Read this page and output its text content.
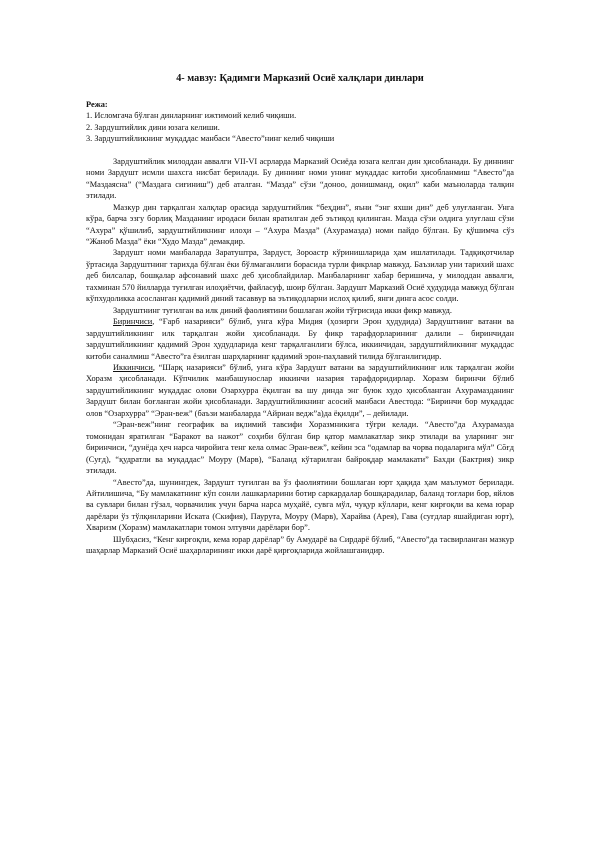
4- мавзу: Қадимги Марказий Осиё халқлари динлари
Режа:
1. Исломгача бўлган динларнинг ижтимоий келиб чиқиши.
2. Зардуштийлик дини юзага келиши.
3. Зардуштийликнинг муқаддас манбаси “Авесто”нинг келиб чиқиши

Зардуштийлик милоддан аввалги VII-VI асрларда Марказий Осиёда юзага келган дин ҳисобланади. Бу диннинг номи Зардушт исмли шахсга нисбат берилади. Бу диннинг номи унинг муқаддас китоби ҳисобланмиш “Авесто”да “Маздаясна” (“Маздага сиғиниш”) деб аталган. “Мазда” сўзи “доноо, донишманд, оқил” каби маъноларда талқин этилади.

Мазкур дин тарқалган халқлар орасида зардуштийлик “беҳдин”, яъни “энг яхши дин” деб улуғланган. Унга кўра, барча эзгу борлиқ Мазданинг иродаси билан яратилган деб эътиқод қилинган. Мазда сўзи олдига улуғлаш сўзи “Ахура” қўшилиб, зардуштийликнинг илоҳи – “Ахура Мазда” (Ахурамазда) номи пайдо бўлган. Бу қўшимча сўз “Жаноб Мазда” ёки “Худо Мазда” демакдир.

Зардушт номи манбаларда Заратуштра, Зардуст, Зороастр кўринишларида ҳам ишлатилади. Тадқиқотчилар ўртасида Зардуштнинг тарихда бўлган ёки бўлмаганлиги борасида турли фикрлар мавжуд. Баъзилар уни тарихий шахс деб билсалар, бошқалар афсонавий шахс деб ҳисоблайдилар. Манбаларнинг хабар беришича, у милоддан аввалги, тахминан 570 йилларда туғилган илоҳиётчи, файласуф, шоир бўлган. Зардушт Марказий Осиё ҳудудида мавжуд бўлган кўпхудоликка асосланган қадимий диний тасаввур ва эътиқодларни ислоҳ қилиб, янги динга асос солди.

Зардуштнинг туғилган ва илк диний фаолиятини бошлаган жойи тўғрисида икки фикр мавжуд.

Биринчиси, “Ғарб назарияси” бўлиб, унга кўра Мидия (ҳозирги Эрон ҳудудида) Зардуштнинг ватани ва зардуштийликнинг илк тарқалган жойи ҳисобланади. Бу фикр тарафдорларининг далили – биринчидан зардуштийликнинг қадимий Эрон ҳудудларида кенг тарқалганлиги бўлса, иккинчидан, зардуштийликнинг муқаддас китоби саналмиш “Авесто”га ёзилган шарҳларнинг қадимий эрон-паҳлавий тилида бўлганлигидир.

Иккинчиси, “Шарқ назарияси” бўлиб, унга кўра Зардушт ватани ва зардуштийликнинг илк тарқалган жойи Хоразм ҳисобланади. Кўпчилик манбашунослар иккинчи назария тарафдоридирлар. Хоразм биринчи бўлиб зардуштийликнинг муқаддас олови Озархурра ёқилган ва шу динда энг буюк худо ҳисобланган Ахурамазданинг Зардушт билан боғланган жойи ҳисобланади. Зардуштийликнинг асосий манбаси Авестода: “Биринчи бор муқаддас олов “Озархурра” “Эран-веж” (баъзи манбаларда “Айриан ведж”а)да ёқилди”, – дейилади.

“Эран-веж”нинг географик ва иқлимий тавсифи Хоразмникига тўғри келади. “Авесто”да Ахурамазда томонидан яратилган “Баракот ва нажот” соҳиби бўлган бир қатор мамлакатлар зикр этилади ва уларнинг энг биринчиси, “дунёда ҳеч нарса чиройига тенг кела олмас Эран-веж”, кейин эса “одамлар ва чорва подаларига мўл” Сōғд (Суғд), “қудратли ва муқаддас” Моуру (Марв), “Баланд кўтарилган байроқдар мамлакати” Бахди (Бактрия) зикр этилади.

“Авесто”да, шунингдек, Зардушт туғилган ва ўз фаолиятини бошлаган юрт ҳақида ҳам маълумот берилади. Айтилишича, “Бу мамлакатнинг кўп сонли лашкарларини ботир саркардалар бошқарадилар, баланд тоғлари бор, яйлов ва сувлари билан гўзал, чорвачилик учун барча нарса муҳайё, сувга мўл, чуқур кўллари, кенг кирғоқли ва кема юрар дарёлари ўз тўлқинларини Иската (Скифия), Паурута, Моуру (Марв), Харайва (Арея), Гава (суғдлар яшайдиган юрт), Хваризм (Хоразм) мамлакатлари томон элтувчи дарёлари бор”.

Шубҳасиз, “Кенг кирғоқли, кема юрар дарёлар” бу Амударё ва Сирдарё бўлиб, “Авесто”да тасвирланган мазкур шаҳарлар Марказий Осиё шаҳарларининг икки дарё қирғоқларида жойлашганидир.
